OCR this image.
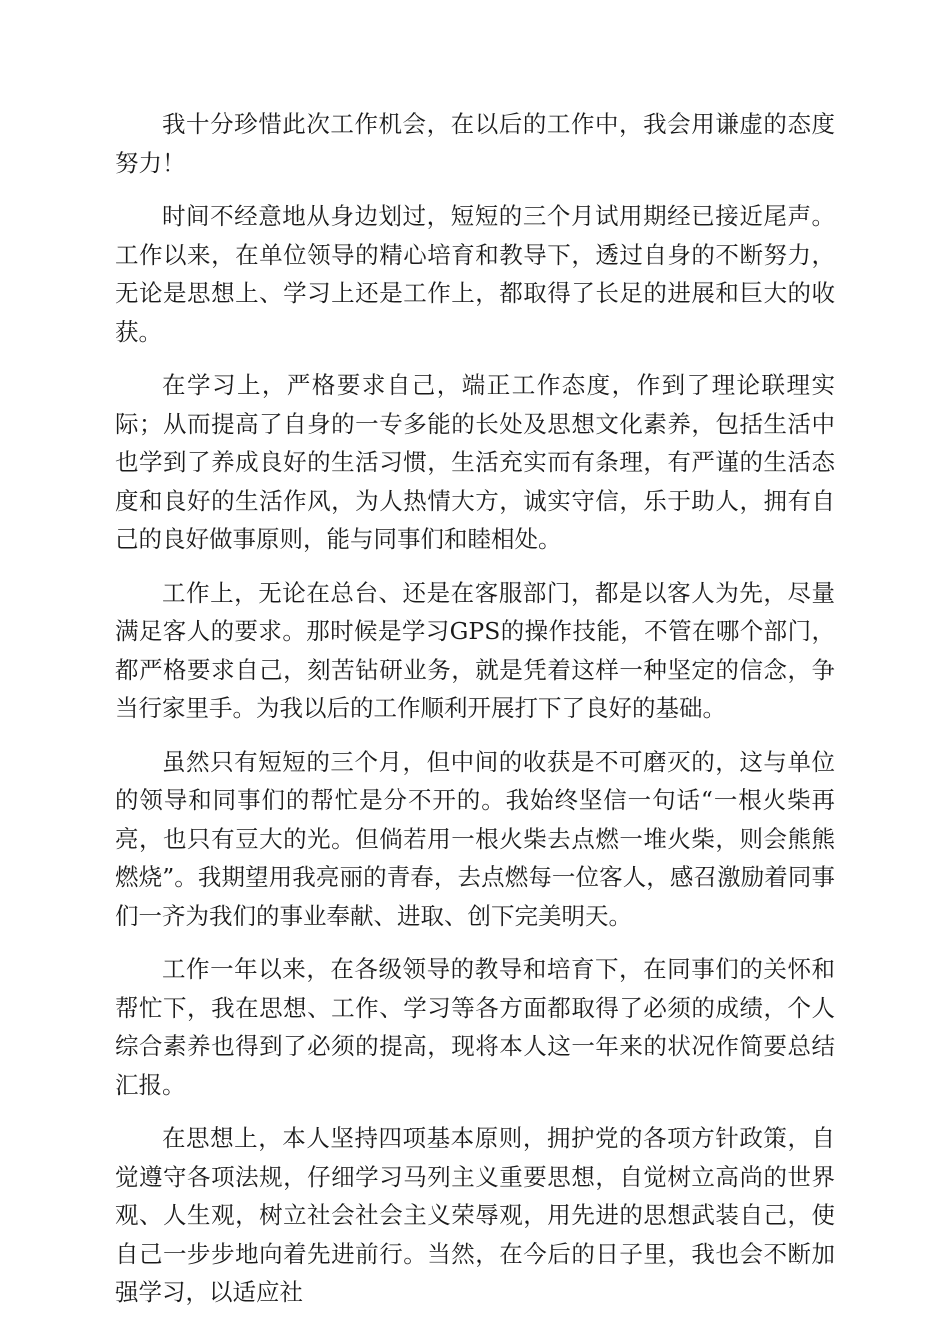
我十分珍惜此次工作机会，在以后的工作中，我会用谦虚的态度努力！

时间不经意地从身边划过，短短的三个月试用期经已接近尾声。工作以来，在单位领导的精心培育和教导下，透过自身的不断努力，无论是思想上、学习上还是工作上，都取得了长足的进展和巨大的收获。

在学习上，严格要求自己，端正工作态度，作到了理论联理实际；从而提高了自身的一专多能的长处及思想文化素养，包括生活中也学到了养成良好的生活习惯，生活充实而有条理，有严谨的生活态度和良好的生活作风，为人热情大方，诚实守信，乐于助人，拥有自己的良好做事原则，能与同事们和睦相处。

工作上，无论在总台、还是在客服部门，都是以客人为先，尽量满足客人的要求。那时候是学习GPS的操作技能，不管在哪个部门，都严格要求自己，刻苦钻研业务，就是凭着这样一种坚定的信念，争当行家里手。为我以后的工作顺利开展打下了良好的基础。

虽然只有短短的三个月，但中间的收获是不可磨灭的，这与单位的领导和同事们的帮忙是分不开的。我始终坚信一句话“一根火柴再亮，也只有豆大的光。但倘若用一根火柴去点燃一堆火柴，则会熊熊燃烧”。我期望用我亮丽的青春，去点燃每一位客人，感召激励着同事们一齐为我们的事业奉献、进取、创下完美明天。

工作一年以来，在各级领导的教导和培育下，在同事们的关怀和帮忙下，我在思想、工作、学习等各方面都取得了必须的成绩，个人综合素养也得到了必须的提高，现将本人这一年来的状况作简要总结汇报。

在思想上，本人坚持四项基本原则，拥护党的各项方针政策，自觉遵守各项法规，仔细学习马列主义重要思想，自觉树立高尚的世界观、人生观，树立社会社会主义荣辱观，用先进的思想武装自己，使自己一步步地向着先进前行。当然，在今后的日子里，我也会不断加强学习，以适应社
